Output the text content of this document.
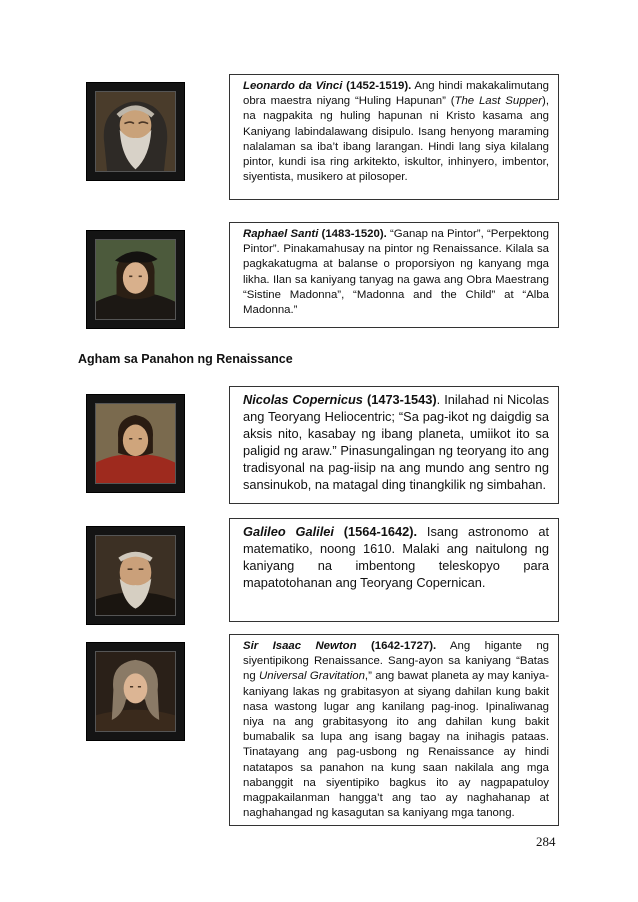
Leonardo da Vinci (1452-1519). Ang hindi makakalimutang obra maestra niyang “Huling Hapunan” (The Last Supper), na nagpakita ng huling hapunan ni Kristo kasama ang Kaniyang labindalawang disipulo. Isang henyong maraming nalalaman sa iba’t ibang larangan. Hindi lang siya kilalang pintor, kundi isa ring arkitekto, iskultor, inhinyero, imbentor, siyentista, musikero at pilosoper.
Raphael Santi (1483-1520). “Ganap na Pintor”, “Perpektong Pintor”. Pinakamahusay na pintor ng Renaissance. Kilala sa pagkakatugma at balanse o proporsiyon ng kanyang mga likha. Ilan sa kaniyang tanyag na gawa ang Obra Maestrang “Sistine Madonna”, “Madonna and the Child” at “Alba Madonna.”
Agham sa Panahon ng Renaissance
Nicolas Copernicus (1473-1543). Inilahad ni Nicolas ang Teoryang Heliocentric; “Sa pag-ikot ng daigdig sa aksis nito, kasabay ng ibang planeta, umiikot ito sa paligid ng araw.” Pinasungalingan ng teoryang ito ang tradisyonal na pag-iisip na ang mundo ang sentro ng sansinukob, na matagal ding tinangkilik ng simbahan.
Galileo Galilei (1564-1642). Isang astronomo at matematiko, noong 1610. Malaki ang naitulong ng kaniyang na imbentong teleskopyo para mapatotohanan ang Teoryang Copernican.
Sir Isaac Newton (1642-1727). Ang higante ng siyentipikong Renaissance. Sang-ayon sa kaniyang “Batas ng Universal Gravitation,” ang bawat planeta ay may kaniya-kaniyang lakas ng grabitasyon at siyang dahilan kung bakit nasa wastong lugar ang kanilang pag-inog. Ipinaliwanag niya na ang grabitasyong ito ang dahilan kung bakit bumabalik sa lupa ang isang bagay na inihagis pataas. Tinatayang ang pag-usbong ng Renaissance ay hindi natatapos sa panahon na kung saan nakilala ang mga nabanggit na siyentipiko bagkus ito ay nagpapatuloy magpakailanman hangga’t ang tao ay naghahanap at naghahangad ng kasagutan sa kaniyang mga tanong.
284
